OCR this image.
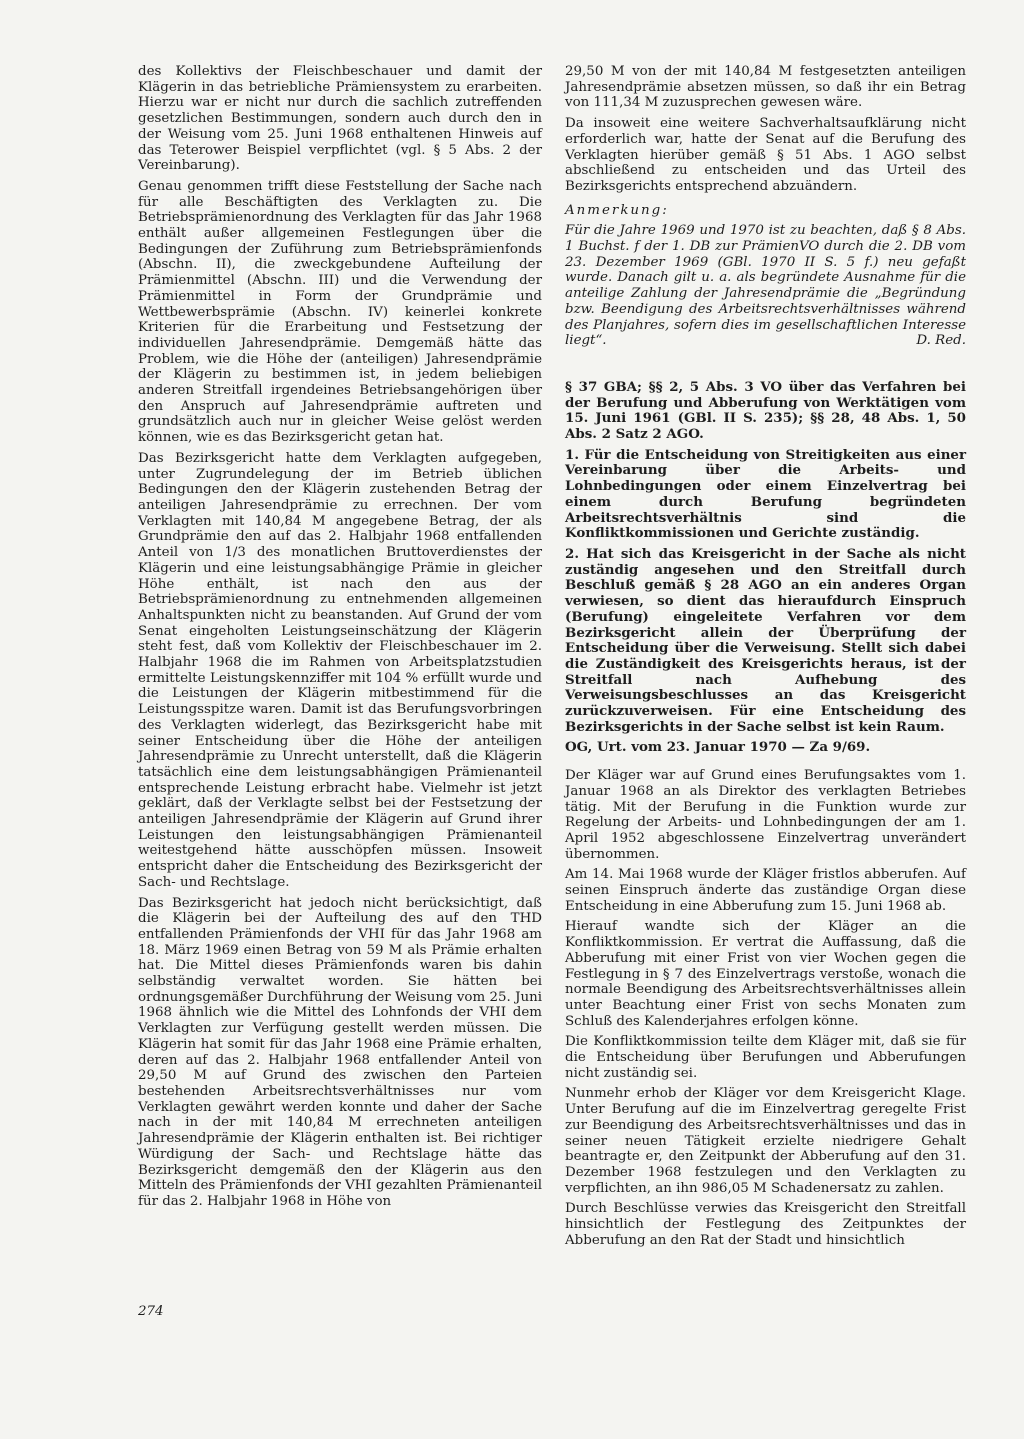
des Kollektivs der Fleischbeschauer und damit der Klägerin in das betriebliche Prämiensystem zu erarbeiten. Hierzu war er nicht nur durch die sachlich zutreffenden gesetzlichen Bestimmungen, sondern auch durch den in der Weisung vom 25. Juni 1968 enthaltenen Hinweis auf das Teterower Beispiel verpflichtet (vgl. § 5 Abs. 2 der Vereinbarung).

Genau genommen trifft diese Feststellung der Sache nach für alle Beschäftigten des Verklagten zu. Die Betriebsprämienordnung des Verklagten für das Jahr 1968 enthält außer allgemeinen Festlegungen über die Bedingungen der Zuführung zum Betriebsprämienfonds (Abschn. II), die zweckgebundene Aufteilung der Prämienmittel (Abschn. III) und die Verwendung der Prämienmittel in Form der Grundprämie und Wettbewerbsprämie (Abschn. IV) keinerlei konkrete Kriterien für die Erarbeitung und Festsetzung der individuellen Jahresendprämie. Demgemäß hätte das Problem, wie die Höhe der (anteiligen) Jahresendprämie der Klägerin zu bestimmen ist, in jedem beliebigen anderen Streitfall irgendeines Betriebsangehörigen über den Anspruch auf Jahresendprämie auftreten und grundsätzlich auch nur in gleicher Weise gelöst werden können, wie es das Bezirksgericht getan hat.

Das Bezirksgericht hatte dem Verklagten aufgegeben, unter Zugrundelegung der im Betrieb üblichen Bedingungen den der Klägerin zustehenden Betrag der anteiligen Jahresendprämie zu errechnen. Der vom Verklagten mit 140,84 M angegebene Betrag, der als Grundprämie den auf das 2. Halbjahr 1968 entfallenden Anteil von 1/3 des monatlichen Bruttoverdienstes der Klägerin und eine leistungsabhängige Prämie in gleicher Höhe enthält, ist nach den aus der Betriebsprämienordnung zu entnehmenden allgemeinen Anhaltspunkten nicht zu beanstanden. Auf Grund der vom Senat eingeholten Leistungseinschätzung der Klägerin steht fest, daß vom Kollektiv der Fleischbeschauer im 2. Halbjahr 1968 die im Rahmen von Arbeitsplatzstudien ermittelte Leistungskennziffer mit 104 % erfüllt wurde und die Leistungen der Klägerin mitbestimmend für die Leistungsspitze waren. Damit ist das Berufungsvorbringen des Verklagten widerlegt, das Bezirksgericht habe mit seiner Entscheidung über die Höhe der anteiligen Jahresendprämie zu Unrecht unterstellt, daß die Klägerin tatsächlich eine dem leistungsabhängigen Prämienanteil entsprechende Leistung erbracht habe. Vielmehr ist jetzt geklärt, daß der Verklagte selbst bei der Festsetzung der anteiligen Jahresendprämie der Klägerin auf Grund ihrer Leistungen den leistungsabhängigen Prämienanteil weitestgehend hätte ausschöpfen müssen. Insoweit entspricht daher die Entscheidung des Bezirksgericht der Sach- und Rechtslage.

Das Bezirksgericht hat jedoch nicht berücksichtigt, daß die Klägerin bei der Aufteilung des auf den THD entfallenden Prämienfonds der VHI für das Jahr 1968 am 18. März 1969 einen Betrag von 59 M als Prämie erhalten hat. Die Mittel dieses Prämienfonds waren bis dahin selbständig verwaltet worden. Sie hätten bei ordnungsgemäßer Durchführung der Weisung vom 25. Juni 1968 ähnlich wie die Mittel des Lohnfonds der VHI dem Verklagten zur Verfügung gestellt werden müssen. Die Klägerin hat somit für das Jahr 1968 eine Prämie erhalten, deren auf das 2. Halbjahr 1968 entfallender Anteil von 29,50 M auf Grund des zwischen den Parteien bestehenden Arbeitsrechtsverhältnisses nur vom Verklagten gewährt werden konnte und daher der Sache nach in der mit 140,84 M errechneten anteiligen Jahresendprämie der Klägerin enthalten ist. Bei richtiger Würdigung der Sach- und Rechtslage hätte das Bezirksgericht demgemäß den der Klägerin aus den Mitteln des Prämienfonds der VHI gezahlten Prämienanteil für das 2. Halbjahr 1968 in Höhe von

29,50 M von der mit 140,84 M festgesetzten anteiligen Jahresendprämie absetzen müssen, so daß ihr ein Betrag von 111,34 M zuzusprechen gewesen wäre.

Da insoweit eine weitere Sachverhaltsaufklärung nicht erforderlich war, hatte der Senat auf die Berufung des Verklagten hierüber gemäß § 51 Abs. 1 AGO selbst abschließend zu entscheiden und das Urteil des Bezirksgerichts entsprechend abzuändern.

Anmerkung:

Für die Jahre 1969 und 1970 ist zu beachten, daß § 8 Abs. 1 Buchst. f der 1. DB zur PrämienVO durch die 2. DB vom 23. Dezember 1969 (GBl. 1970 II S. 5 f.) neu gefaßt wurde. Danach gilt u. a. als begründete Ausnahme für die anteilige Zahlung der Jahresendprämie die „Begründung bzw. Beendigung des Arbeitsrechtsverhältnisses während des Planjahres, sofern dies im gesellschaftlichen Interesse liegt“.	D. Red.

§ 37 GBA; §§ 2, 5 Abs. 3 VO über das Verfahren bei der Berufung und Abberufung von Werktätigen vom 15. Juni 1961 (GBl. II S. 235); §§ 28, 48 Abs. 1, 50 Abs. 2 Satz 2 AGO.

1. Für die Entscheidung von Streitigkeiten aus einer Vereinbarung über die Arbeits- und Lohnbedingungen oder einem Einzelvertrag bei einem durch Berufung begründeten Arbeitsrechtsverhältnis sind die Konfliktkommissionen und Gerichte zuständig.

2. Hat sich das Kreisgericht in der Sache als nicht zuständig angesehen und den Streitfall durch Beschluß gemäß § 28 AGO an ein anderes Organ verwiesen, so dient das hieraufdurch Einspruch (Berufung) eingeleitete Verfahren vor dem Bezirksgericht allein der Überprüfung der Entscheidung über die Verweisung. Stellt sich dabei die Zuständigkeit des Kreisgerichts heraus, ist der Streitfall nach Aufhebung des Verweisungsbeschlusses an das Kreisgericht zurückzuverweisen. Für eine Entscheidung des Bezirksgerichts in der Sache selbst ist kein Raum.

OG, Urt. vom 23. Januar 1970 — Za 9/69.

Der Kläger war auf Grund eines Berufungsaktes vom 1. Januar 1968 an als Direktor des verklagten Betriebes tätig. Mit der Berufung in die Funktion wurde zur Regelung der Arbeits- und Lohnbedingungen der am 1. April 1952 abgeschlossene Einzelvertrag unverändert übernommen.

Am 14. Mai 1968 wurde der Kläger fristlos abberufen. Auf seinen Einspruch änderte das zuständige Organ diese Entscheidung in eine Abberufung zum 15. Juni 1968 ab.

Hierauf wandte sich der Kläger an die Konfliktkommission. Er vertrat die Auffassung, daß die Abberufung mit einer Frist von vier Wochen gegen die Festlegung in § 7 des Einzelvertrags verstoße, wonach die normale Beendigung des Arbeitsrechtsverhältnisses allein unter Beachtung einer Frist von sechs Monaten zum Schluß des Kalenderjahres erfolgen könne.

Die Konfliktkommission teilte dem Kläger mit, daß sie für die Entscheidung über Berufungen und Abberufungen nicht zuständig sei.

Nunmehr erhob der Kläger vor dem Kreisgericht Klage. Unter Berufung auf die im Einzelvertrag geregelte Frist zur Beendigung des Arbeitsrechtsverhältnisses und das in seiner neuen Tätigkeit erzielte niedrigere Gehalt beantragte er, den Zeitpunkt der Abberufung auf den 31. Dezember 1968 festzulegen und den Verklagten zu verpflichten, an ihn 986,05 M Schadenersatz zu zahlen.

Durch Beschlüsse verwies das Kreisgericht den Streitfall hinsichtlich der Festlegung des Zeitpunktes der Abberufung an den Rat der Stadt und hinsichtlich

274
